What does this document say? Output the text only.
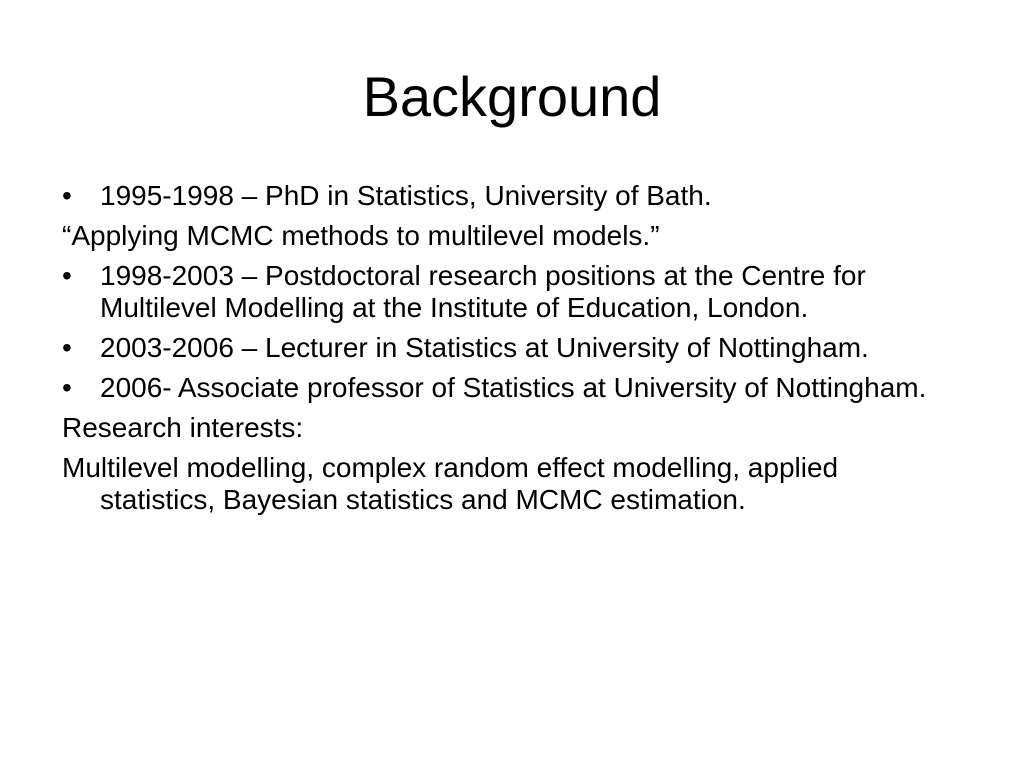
Background
• 1995-1998 – PhD in Statistics, University of Bath.
“Applying MCMC methods to multilevel models.”
• 1998-2003 – Postdoctoral research positions at the Centre for Multilevel Modelling at the Institute of Education, London.
• 2003-2006 – Lecturer in Statistics at University of Nottingham.
• 2006- Associate professor of Statistics at University of Nottingham.
Research interests:
Multilevel modelling, complex random effect modelling, applied statistics, Bayesian statistics and MCMC estimation.
